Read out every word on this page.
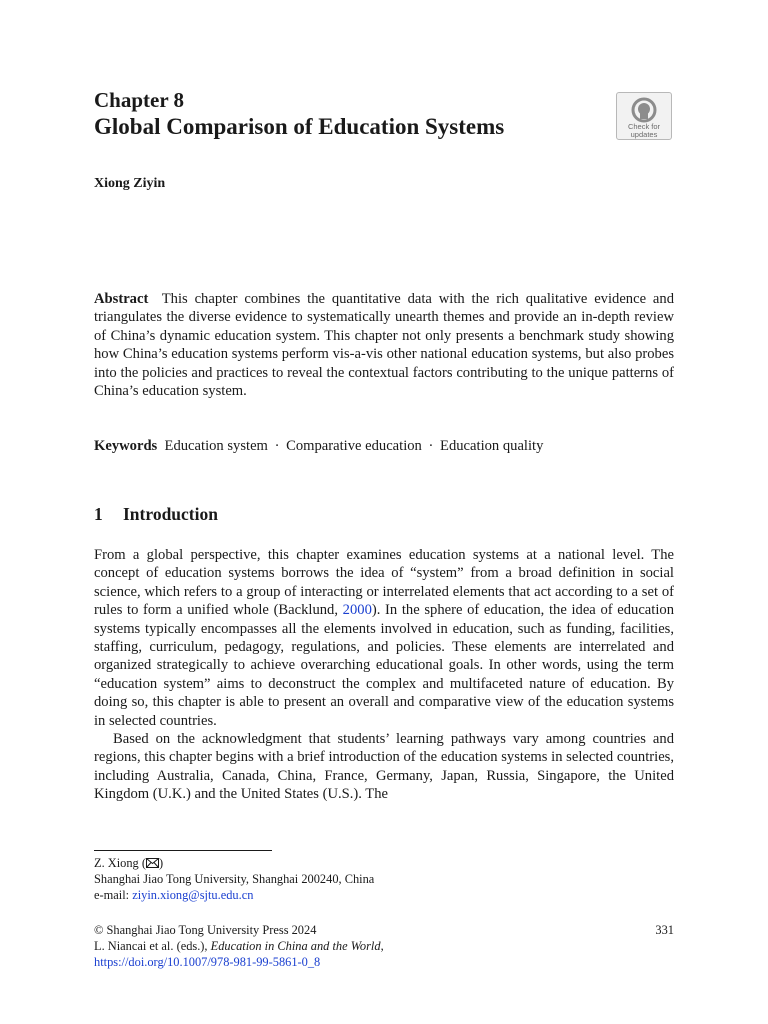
Chapter 8
Global Comparison of Education Systems	Check for
updates
Xiong Ziyin

Abstract This chapter combines the quantitative data with the rich qualitative evidence and triangulates the diverse evidence to systematically unearth themes and provide an in-depth review of China’s dynamic education system. This chapter not only presents a benchmark study showing how China’s education systems perform vis-a-vis other national education systems, but also probes into the policies and practices to reveal the contextual factors contributing to the unique patterns of China’s education system.

Keywords Education system · Comparative education · Education quality
1 Introduction

From a global perspective, this chapter examines education systems at a national level. The concept of education systems borrows the idea of “system” from a broad definition in social science, which refers to a group of interacting or interrelated elements that act according to a set of rules to form a unified whole (Backlund, 2000). In the sphere of education, the idea of education systems typically encompasses all the elements involved in education, such as funding, facilities, staffing, curriculum, pedagogy, regulations, and policies. These elements are interrelated and organized strategically to achieve overarching educational goals. In other words, using the term “education system” aims to deconstruct the complex and multifaceted nature of education. By doing so, this chapter is able to present an overall and comparative view of the education systems in selected countries.

Based on the acknowledgment that students’ learning pathways vary among countries and regions, this chapter begins with a brief introduction of the education systems in selected countries, including Australia, Canada, China, France, Germany, Japan, Russia, Singapore, the United Kingdom (U.K.) and the United States (U.S.). The

Z. Xiong ( )
Shanghai Jiao Tong University, Shanghai 200240, China
e-mail: ziyin.xiong@sjtu.edu.cn
© Shanghai Jiao Tong University Press 2024
L. Niancai et al. (eds.), Education in China and the World,
https://doi.org/10.1007/978-981-99-5861-0_8
331
